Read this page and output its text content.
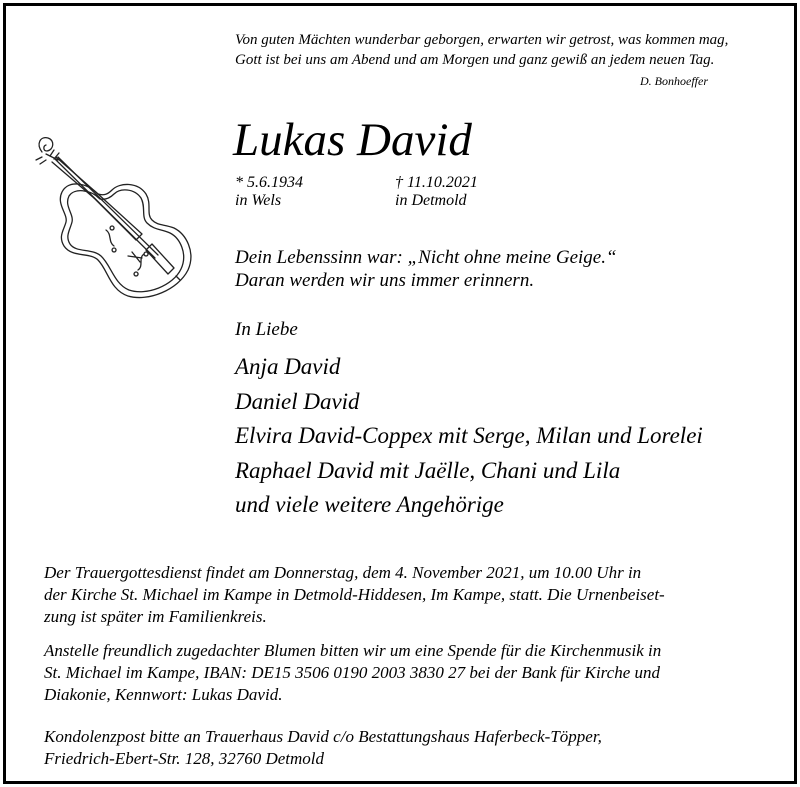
Von guten Mächten wunderbar geborgen, erwarten wir getrost, was kommen mag,
Gott ist bei uns am Abend und am Morgen und ganz gewiß an jedem neuen Tag.
D. Bonhoeffer
Lukas David
* 5.6.1934
in Wels
† 11.10.2021
in Detmold
Dein Lebenssinn war: „Nicht ohne meine Geige.“
Daran werden wir uns immer erinnern.
In Liebe
Anja David
Daniel David
Elvira David-Coppex mit Serge, Milan und Lorelei
Raphael David mit Jaëlle, Chani und Lila
und viele weitere Angehörige
Der Trauergottesdienst findet am Donnerstag, dem 4. November 2021, um 10.00 Uhr in
der Kirche St. Michael im Kampe in Detmold-Hiddesen, Im Kampe, statt. Die Urnenbeiset-
zung ist später im Familienkreis.
Anstelle freundlich zugedachter Blumen bitten wir um eine Spende für die Kirchenmusik in
St. Michael im Kampe, IBAN: DE15 3506 0190 2003 3830 27 bei der Bank für Kirche und
Diakonie, Kennwort: Lukas David.
Kondolenzpost bitte an Trauerhaus David c/o Bestattungshaus Haferbeck-Töpper,
Friedrich-Ebert-Str. 128, 32760 Detmold
